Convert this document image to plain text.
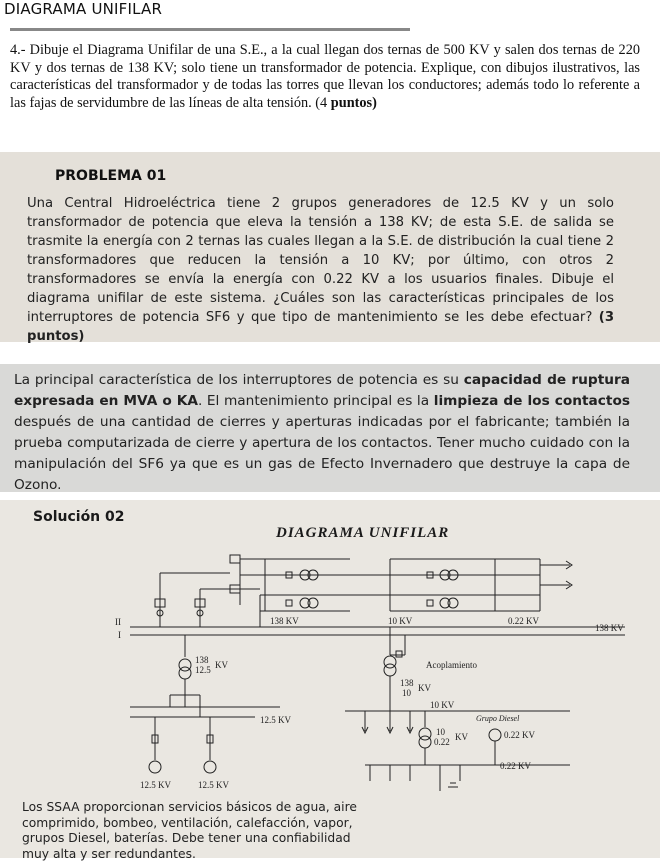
DIAGRAMA UNIFILAR
4.- Dibuje el Diagrama Unifilar de una S.E., a la cual llegan dos ternas de 500 KV y salen dos ternas de 220 KV y dos ternas de 138 KV; solo tiene un transformador de potencia. Explique, con dibujos ilustrativos, las características del transformador y de todas las torres que llevan los conductores; además todo lo referente a las fajas de servidumbre de las líneas de alta tensión. (4 puntos)
PROBLEMA 01
Una Central Hidroeléctrica tiene 2 grupos generadores de 12.5 KV y un solo transformador de potencia que eleva la tensión a 138 KV; de esta S.E. de salida se trasmite la energía con 2 ternas las cuales llegan a la S.E. de distribución la cual tiene 2 transformadores que reducen la tensión a 10 KV; por último, con otros 2 transformadores se envía la energía con 0.22 KV a los usuarios finales. Dibuje el diagrama unifilar de este sistema. ¿Cuáles son las características principales de los interruptores de potencia SF6 y que tipo de mantenimiento se les debe efectuar? (3 puntos)
La principal característica de los interruptores de potencia es su capacidad de ruptura expresada en MVA o KA. El mantenimiento principal es la limpieza de los contactos después de una cantidad de cierres y aperturas indicadas por el fabricante; también la prueba computarizada de cierre y apertura de los contactos. Tener mucho cuidado con la manipulación del SF6 ya que es un gas de Efecto Invernadero que destruye la capa de Ozono.
Solución 02
DIAGRAMA UNIFILAR
II
I
138 KV	10 KV	0.22 KV
138 KV
Acoplamiento
138
12.5 KV
138
10 KV
10 KV
12.5 KV	Grupo Diesel
0.22 KV
10
0.22 KV
0.22 KV
12.5 KV	12.5 KV
Los SSAA proporcionan servicios básicos de agua, aire comprimido, bombeo, ventilación, calefacción, vapor, grupos Diesel, baterías. Debe tener una confiabilidad muy alta y ser redundantes.
